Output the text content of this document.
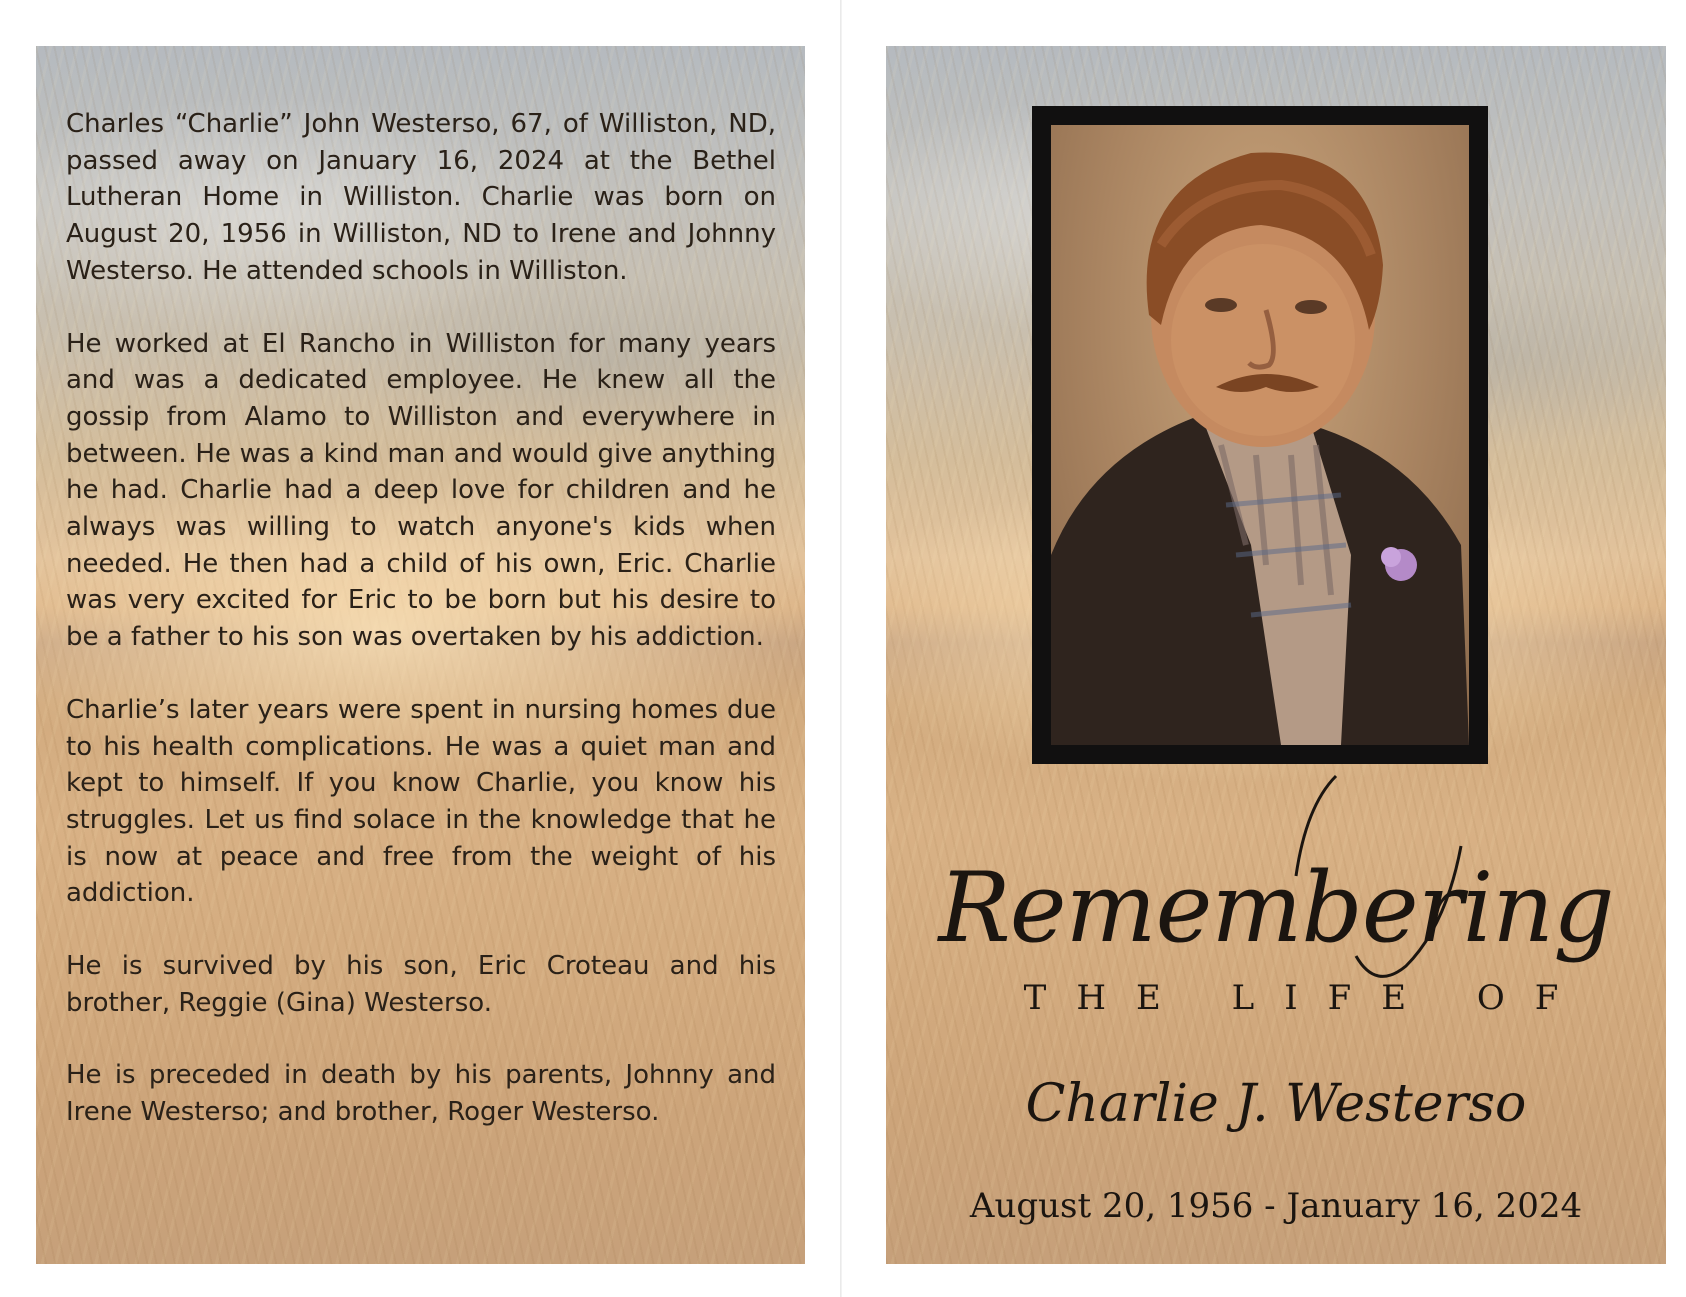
Charles “Charlie” John Westerso, 67, of Williston, ND, passed away on January 16, 2024 at the Bethel Lutheran Home in Williston. Charlie was born on August 20, 1956 in Williston, ND to Irene and Johnny Westerso. He attended schools in Williston.

He worked at El Rancho in Williston for many years and was a dedicated employee. He knew all the gossip from Alamo to Williston and everywhere in between. He was a kind man and would give anything he had. Charlie had a deep love for children and he always was willing to watch anyone's kids when needed. He then had a child of his own, Eric. Charlie was very excited for Eric to be born but his desire to be a father to his son was overtaken by his addiction.

Charlie’s later years were spent in nursing homes due to his health complications. He was a quiet man and kept to himself. If you know Charlie, you know his struggles. Let us find solace in the knowledge that he is now at peace and free from the weight of his addiction.

He is survived by his son, Eric Croteau and his brother, Reggie (Gina) Westerso.

He is preceded in death by his parents, Johnny and Irene Westerso; and brother, Roger Westerso.

Remembering
THE LIFE OF
Charlie J. Westerso
August 20, 1956 - January 16, 2024
